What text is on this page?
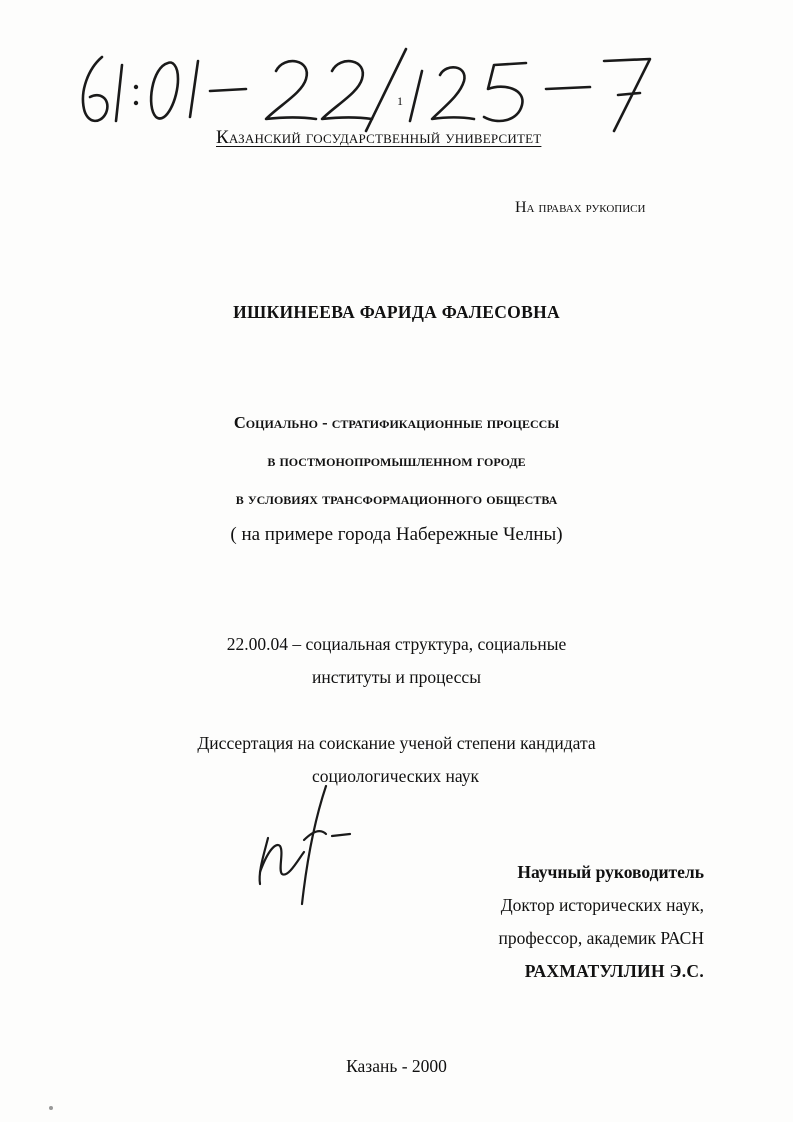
1
Казанский государственный университет
На правах рукописи
ИШКИНЕЕВА ФАРИДА ФАЛЕСОВНА
Социально - стратификационные процессы
в постмонопромышленном городе
в условиях трансформационного общества
( на примере города Набережные Челны)
22.00.04 – социальная структура, социальные
институты и процессы
Диссертация на соискание ученой степени кандидата
социологических наук
Научный руководитель
Доктор исторических наук,
профессор, академик РАСН
РАХМАТУЛЛИН Э.С.
Казань - 2000
